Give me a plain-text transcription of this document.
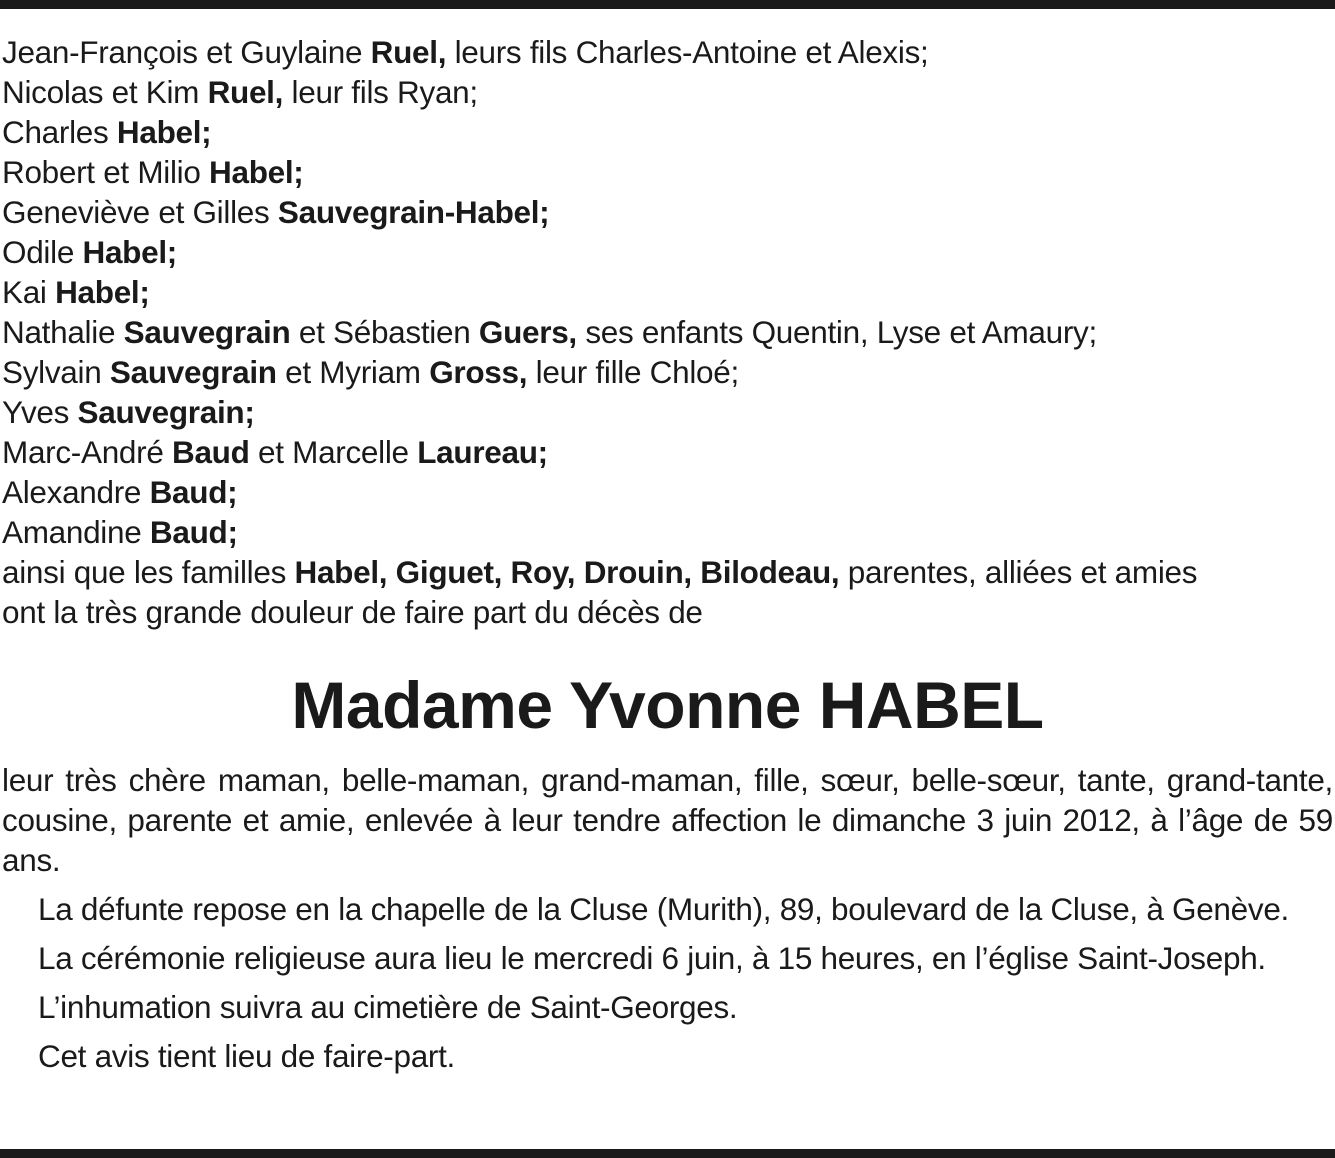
Jean-François et Guylaine Ruel, leurs fils Charles-Antoine et Alexis;
Nicolas et Kim Ruel, leur fils Ryan;
Charles Habel;
Robert et Milio Habel;
Geneviève et Gilles Sauvegrain-Habel;
Odile Habel;
Kai Habel;
Nathalie Sauvegrain et Sébastien Guers, ses enfants Quentin, Lyse et Amaury;
Sylvain Sauvegrain et Myriam Gross, leur fille Chloé;
Yves Sauvegrain;
Marc-André Baud et Marcelle Laureau;
Alexandre Baud;
Amandine Baud;
ainsi que les familles Habel, Giguet, Roy, Drouin, Bilodeau, parentes, alliées et amies
ont la très grande douleur de faire part du décès de
Madame Yvonne HABEL

leur très chère maman, belle-maman, grand-maman, fille, sœur, belle-sœur, tante, grand-tante, cousine, parente et amie, enlevée à leur tendre affection le dimanche 3 juin 2012, à l’âge de 59 ans.

La défunte repose en la chapelle de la Cluse (Murith), 89, boulevard de la Cluse, à Genève.

La cérémonie religieuse aura lieu le mercredi 6 juin, à 15 heures, en l’église Saint-Joseph.

L’inhumation suivra au cimetière de Saint-Georges.

Cet avis tient lieu de faire-part.
